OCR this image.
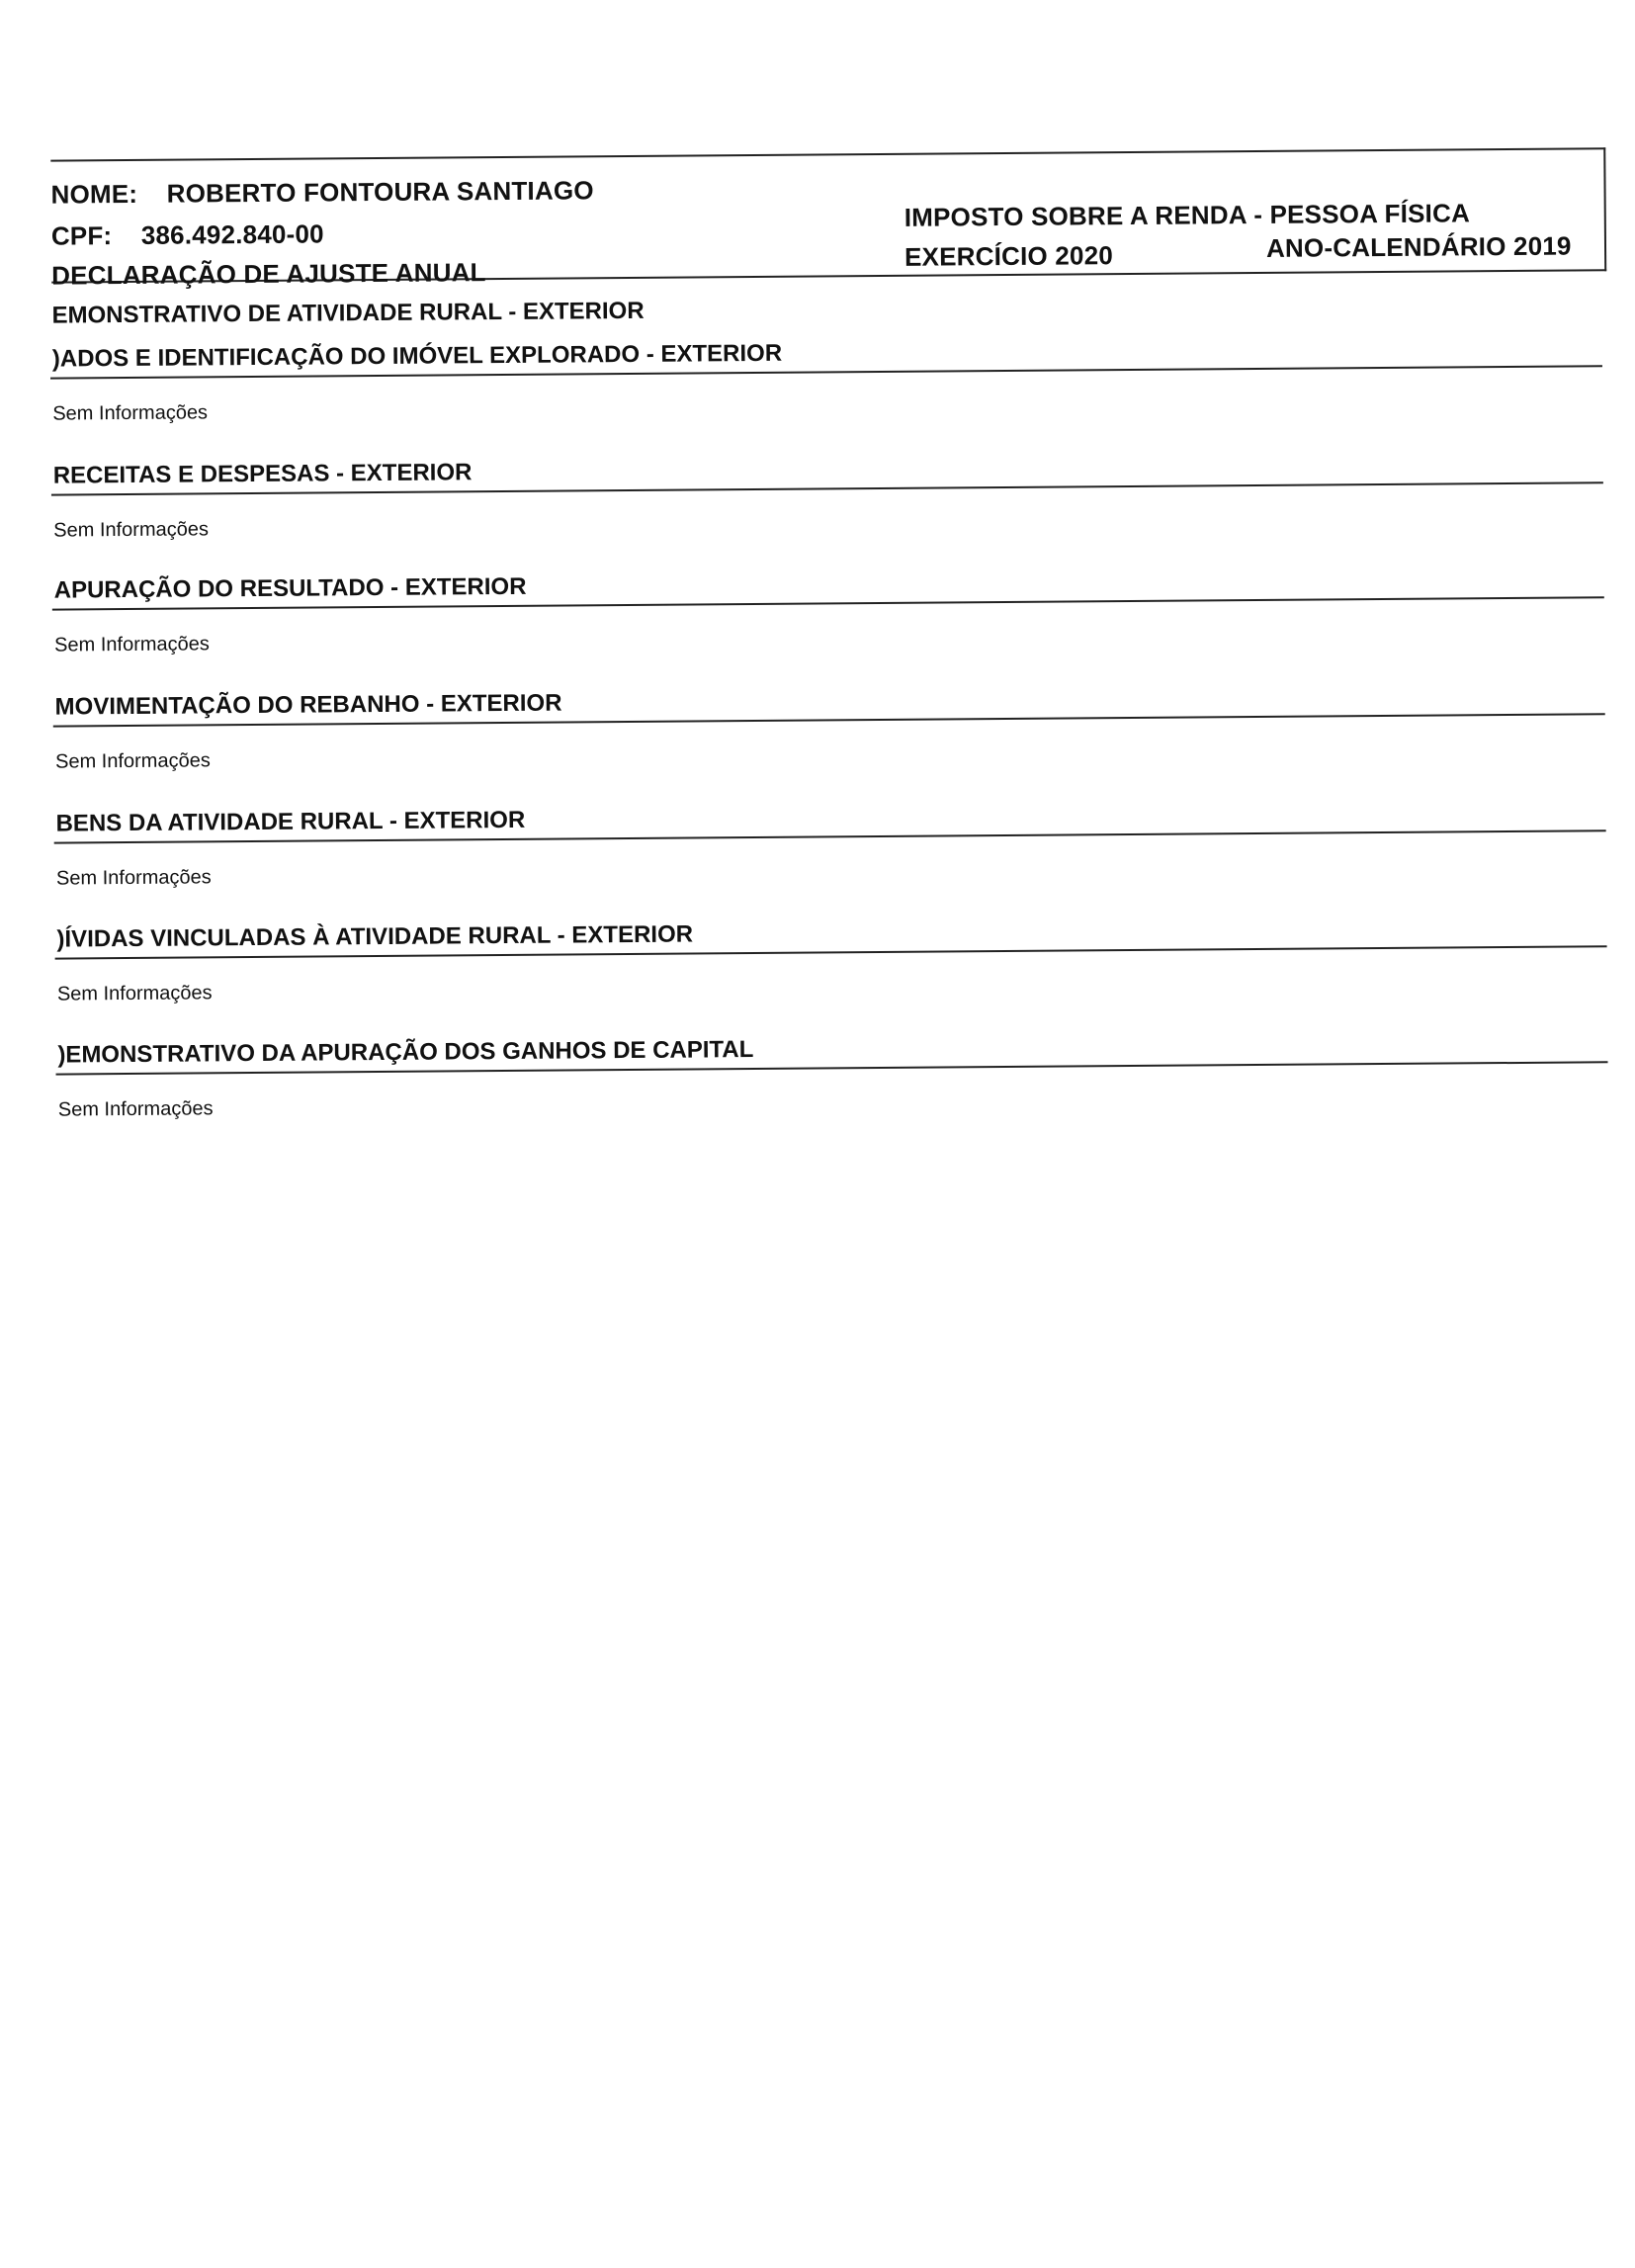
NOME: ROBERTO FONTOURA SANTIAGO
CPF: 386.492.840-00
DECLARAÇÃO DE AJUSTE ANUAL
IMPOSTO SOBRE A RENDA - PESSOA FÍSICA
EXERCÍCIO 2020	ANO-CALENDÁRIO 2019
EMONSTRATIVO DE ATIVIDADE RURAL - EXTERIOR
)ADOS E IDENTIFICAÇÃO DO IMÓVEL EXPLORADO - EXTERIOR
Sem Informações
RECEITAS E DESPESAS - EXTERIOR
Sem Informações
APURAÇÃO DO RESULTADO - EXTERIOR
Sem Informações
MOVIMENTAÇÃO DO REBANHO - EXTERIOR
Sem Informações
BENS DA ATIVIDADE RURAL - EXTERIOR
Sem Informações
)ÍVIDAS VINCULADAS À ATIVIDADE RURAL - EXTERIOR
Sem Informações
)EMONSTRATIVO DA APURAÇÃO DOS GANHOS DE CAPITAL
Sem Informações
